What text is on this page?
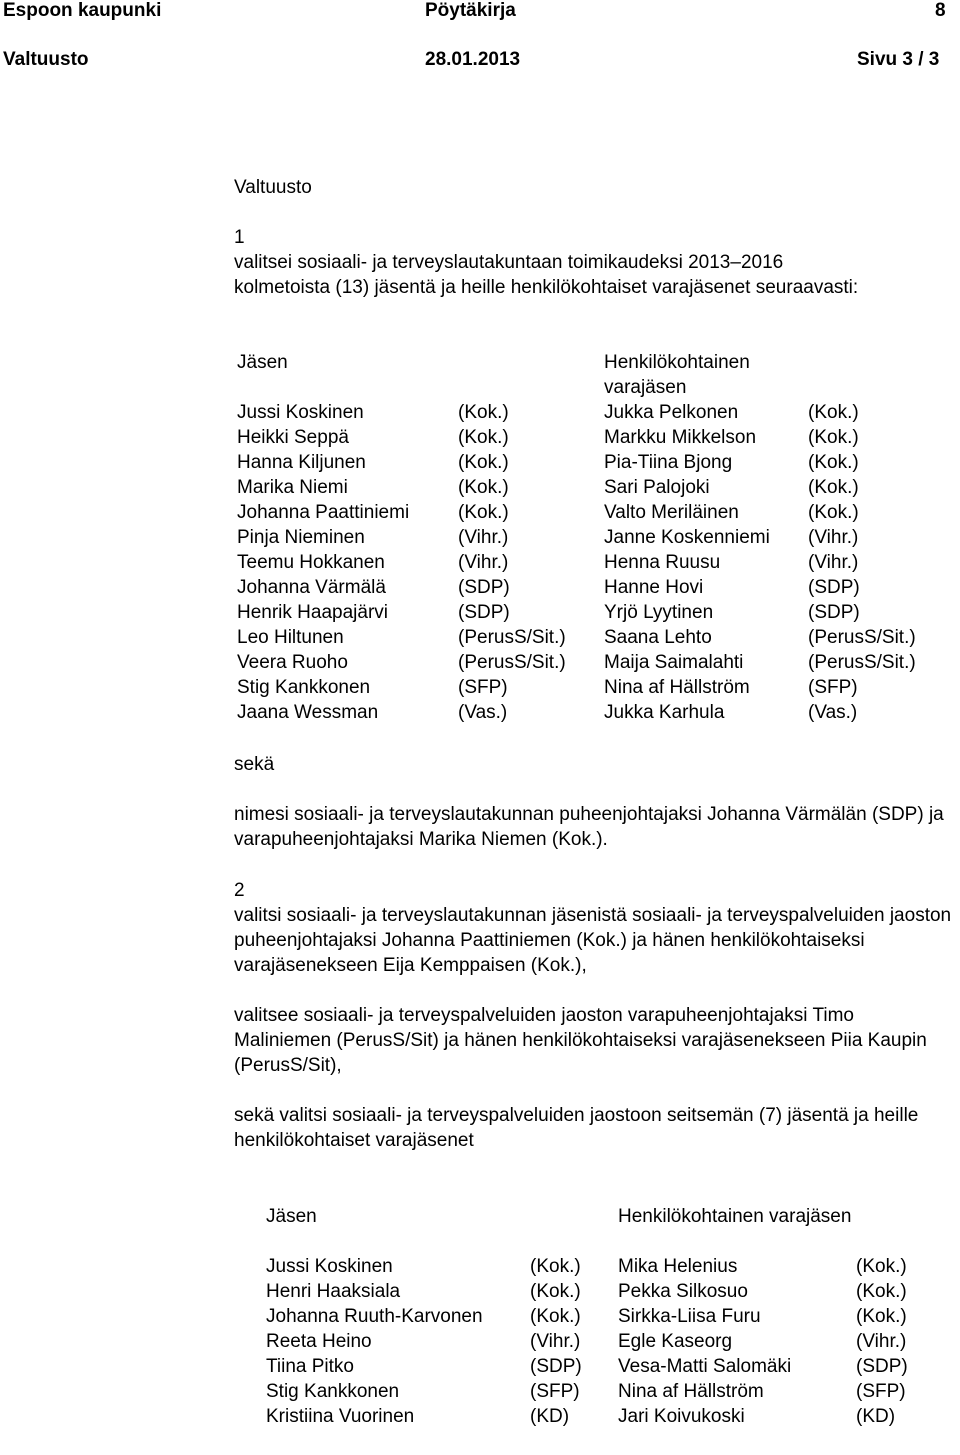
Espoon kaupunki	Pöytäkirja	8
Valtuusto	28.01.2013	Sivu 3 / 3
Valtuusto
1
valitsei sosiaali- ja terveyslautakuntaan toimikaudeksi 2013–2016
kolmetoista (13) jäsentä ja heille henkilökohtaiset varajäsenet seuraavasti:
Jäsen		Henkilökohtainen varajäsen	
Jussi Koskinen	(Kok.)	Jukka Pelkonen	(Kok.)
Heikki Seppä	(Kok.)	Markku Mikkelson	(Kok.)
Hanna Kiljunen	(Kok.)	Pia-Tiina Bjong	(Kok.)
Marika Niemi	(Kok.)	Sari Palojoki	(Kok.)
Johanna Paattiniemi	(Kok.)	Valto Meriläinen	(Kok.)
Pinja Nieminen	(Vihr.)	Janne Koskenniemi	(Vihr.)
Teemu Hokkanen	(Vihr.)	Henna Ruusu	(Vihr.)
Johanna Värmälä	(SDP)	Hanne Hovi	(SDP)
Henrik Haapajärvi	(SDP)	Yrjö Lyytinen	(SDP)
Leo Hiltunen	(PerusS/Sit.)	Saana Lehto	(PerusS/Sit.)
Veera Ruoho	(PerusS/Sit.)	Maija Saimalahti	(PerusS/Sit.)
Stig Kankkonen	(SFP)	Nina af Hällström	(SFP)
Jaana Wessman	(Vas.)	Jukka Karhula	(Vas.)
sekä
nimesi sosiaali- ja terveyslautakunnan puheenjohtajaksi Johanna Värmälän (SDP) ja varapuheenjohtajaksi Marika Niemen (Kok.).
2
valitsi sosiaali- ja terveyslautakunnan jäsenistä sosiaali- ja terveyspalveluiden jaoston puheenjohtajaksi Johanna Paattiniemen (Kok.) ja hänen henkilökohtaiseksi varajäsenekseen Eija Kemppaisen (Kok.),
valitsee sosiaali- ja terveyspalveluiden jaoston varapuheenjohtajaksi Timo Maliniemen (PerusS/Sit) ja hänen henkilökohtaiseksi varajäsenekseen Piia Kaupin (PerusS/Sit),
sekä valitsi sosiaali- ja terveyspalveluiden jaostoon seitsemän (7) jäsentä ja heille henkilökohtaiset varajäsenet
Jäsen		Henkilökohtainen varajäsen	
Jussi Koskinen	(Kok.)	Mika Helenius	(Kok.)
Henri Haaksiala	(Kok.)	Pekka Silkosuo	(Kok.)
Johanna Ruuth-Karvonen	(Kok.)	Sirkka-Liisa Furu	(Kok.)
Reeta Heino	(Vihr.)	Egle Kaseorg	(Vihr.)
Tiina Pitko	(SDP)	Vesa-Matti Salomäki	(SDP)
Stig Kankkonen	(SFP)	Nina af Hällström	(SFP)
Kristiina Vuorinen	(KD)	Jari Koivukoski	(KD)
